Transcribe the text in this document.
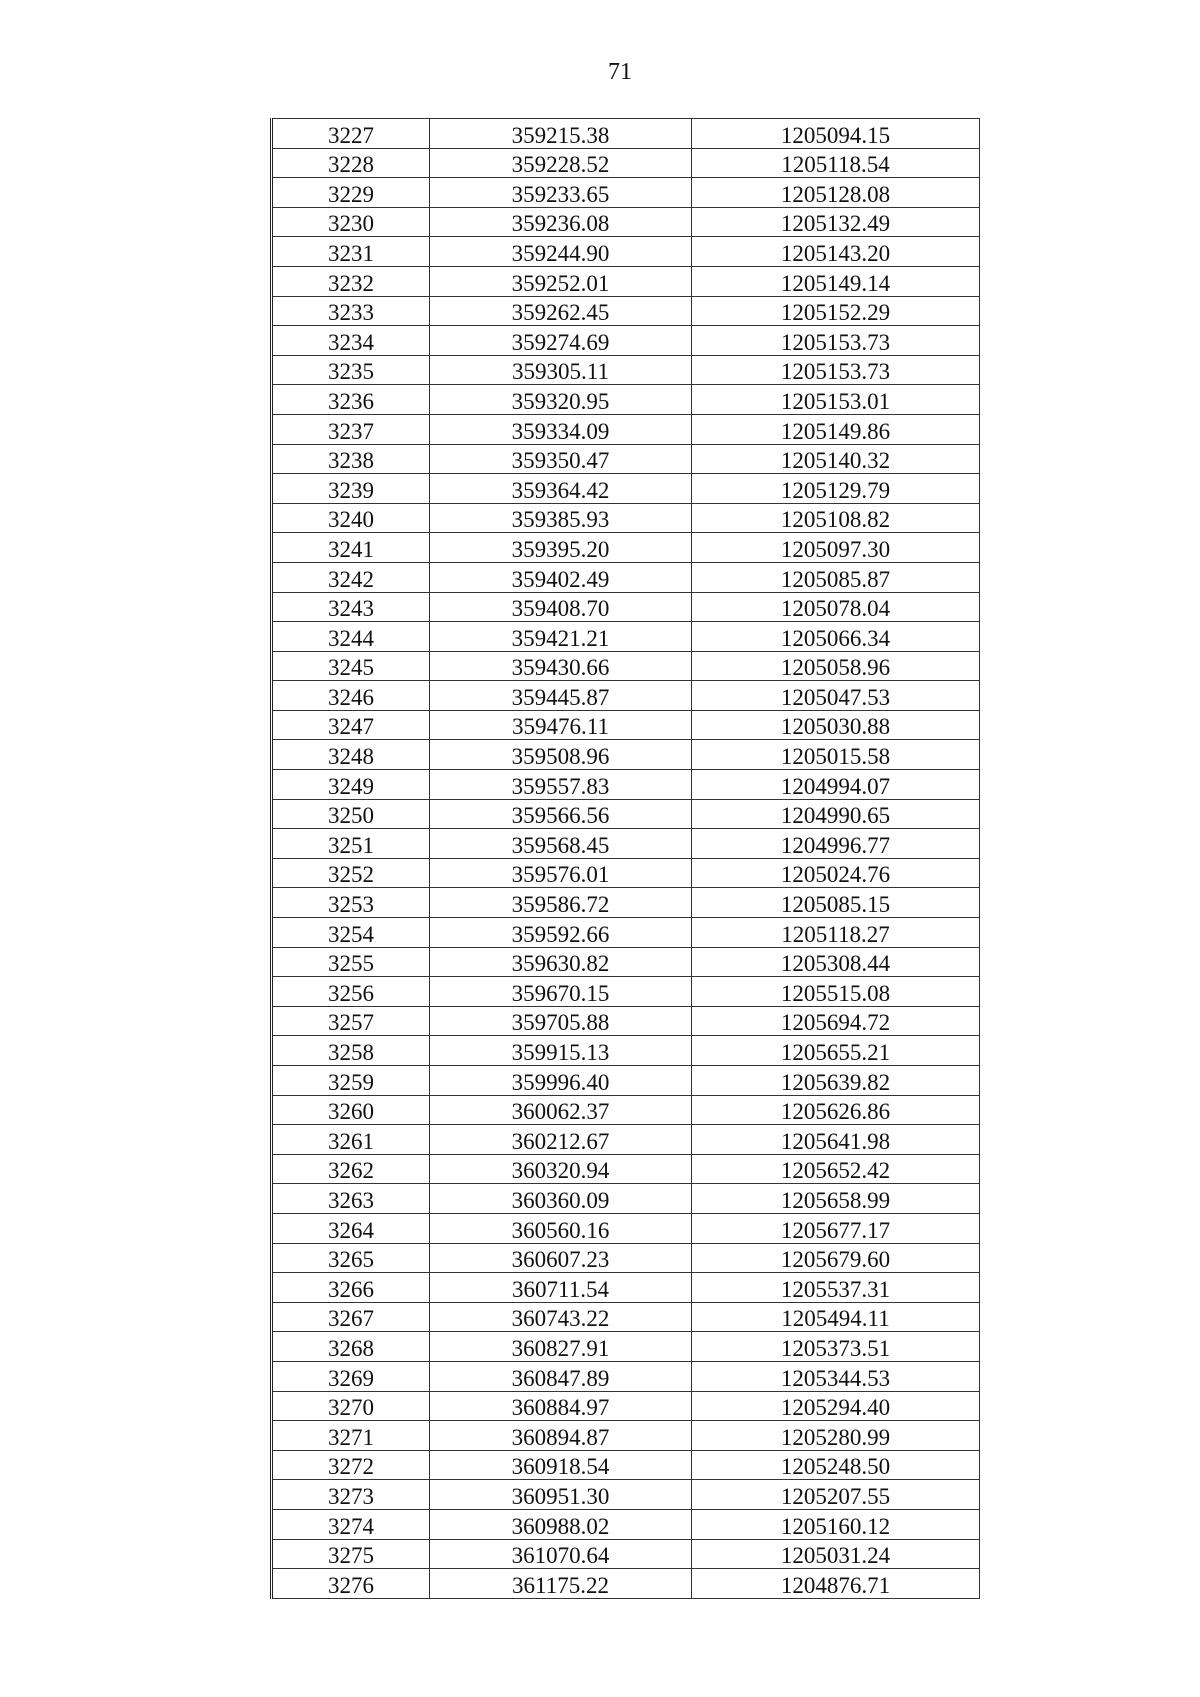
71
3227	359215.38	1205094.15
3228	359228.52	1205118.54
3229	359233.65	1205128.08
3230	359236.08	1205132.49
3231	359244.90	1205143.20
3232	359252.01	1205149.14
3233	359262.45	1205152.29
3234	359274.69	1205153.73
3235	359305.11	1205153.73
3236	359320.95	1205153.01
3237	359334.09	1205149.86
3238	359350.47	1205140.32
3239	359364.42	1205129.79
3240	359385.93	1205108.82
3241	359395.20	1205097.30
3242	359402.49	1205085.87
3243	359408.70	1205078.04
3244	359421.21	1205066.34
3245	359430.66	1205058.96
3246	359445.87	1205047.53
3247	359476.11	1205030.88
3248	359508.96	1205015.58
3249	359557.83	1204994.07
3250	359566.56	1204990.65
3251	359568.45	1204996.77
3252	359576.01	1205024.76
3253	359586.72	1205085.15
3254	359592.66	1205118.27
3255	359630.82	1205308.44
3256	359670.15	1205515.08
3257	359705.88	1205694.72
3258	359915.13	1205655.21
3259	359996.40	1205639.82
3260	360062.37	1205626.86
3261	360212.67	1205641.98
3262	360320.94	1205652.42
3263	360360.09	1205658.99
3264	360560.16	1205677.17
3265	360607.23	1205679.60
3266	360711.54	1205537.31
3267	360743.22	1205494.11
3268	360827.91	1205373.51
3269	360847.89	1205344.53
3270	360884.97	1205294.40
3271	360894.87	1205280.99
3272	360918.54	1205248.50
3273	360951.30	1205207.55
3274	360988.02	1205160.12
3275	361070.64	1205031.24
3276	361175.22	1204876.71
